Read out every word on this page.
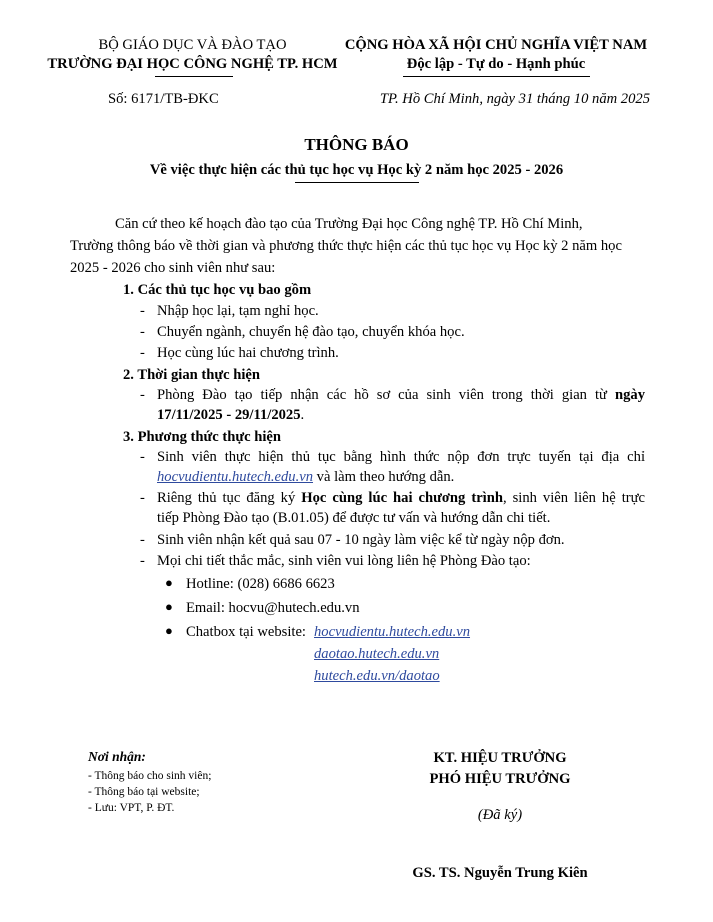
BỘ GIÁO DỤC VÀ ĐÀO TẠO
TRƯỜNG ĐẠI HỌC CÔNG NGHỆ TP. HCM
CỘNG HÒA XÃ HỘI CHỦ NGHĨA VIỆT NAM
Độc lập - Tự do - Hạnh phúc
Số: 6171/TB-ĐKC	TP. Hồ Chí Minh, ngày 31 tháng 10 năm 2025
THÔNG BÁO
Về việc thực hiện các thủ tục học vụ Học kỳ 2 năm học 2025 - 2026
Căn cứ theo kế hoạch đào tạo của Trường Đại học Công nghệ TP. Hồ Chí Minh,
Trường thông báo về thời gian và phương thức thực hiện các thủ tục học vụ Học kỳ 2 năm học
2025 - 2026 cho sinh viên như sau:
1. Các thủ tục học vụ bao gồm
- Nhập học lại, tạm nghỉ học.
- Chuyển ngành, chuyển hệ đào tạo, chuyển khóa học.
- Học cùng lúc hai chương trình.
2. Thời gian thực hiện
- Phòng Đào tạo tiếp nhận các hồ sơ của sinh viên trong thời gian từ ngày
17/11/2025 - 29/11/2025.
3. Phương thức thực hiện
- Sinh viên thực hiện thủ tục bằng hình thức nộp đơn trực tuyến tại địa chỉ
hocvudientu.hutech.edu.vn và làm theo hướng dẫn.
- Riêng thủ tục đăng ký Học cùng lúc hai chương trình, sinh viên liên hệ trực
tiếp Phòng Đào tạo (B.01.05) để được tư vấn và hướng dẫn chi tiết.
- Sinh viên nhận kết quả sau 07 - 10 ngày làm việc kể từ ngày nộp đơn.
- Mọi chi tiết thắc mắc, sinh viên vui lòng liên hệ Phòng Đào tạo:
● Hotline: (028) 6686 6623
● Email: hocvu@hutech.edu.vn
● Chatbox tại website: hocvudientu.hutech.edu.vn
daotao.hutech.edu.vn
hutech.edu.vn/daotao
Nơi nhận:
- Thông báo cho sinh viên;
- Thông báo tại website;
- Lưu: VPT, P. ĐT.
KT. HIỆU TRƯỞNG
PHÓ HIỆU TRƯỞNG
(Đã ký)
GS. TS. Nguyễn Trung Kiên
